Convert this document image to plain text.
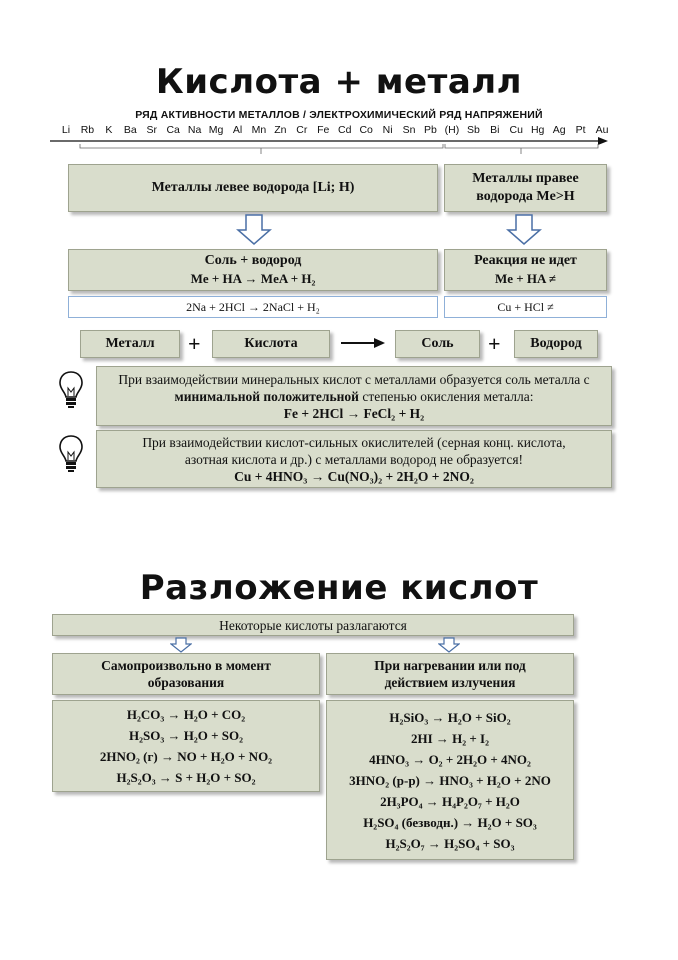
Кислота + металл
РЯД АКТИВНОСТИ МЕТАЛЛОВ / ЭЛЕКТРОХИМИЧЕСКИЙ РЯД НАПРЯЖЕНИЙ
Li Rb K Ba Sr Ca Na Mg Al Mn Zn Cr Fe Cd Co Ni Sn Pb (H) Sb Bi Cu Hg Ag Pt Au
Металлы левее водорода [Li; H)
Металлы правее водорода Me>H
Соль + водород
Me + HA → MeA + H₂
Реакция не идет
Me + HA ≠
2Na + 2HCl → 2NaCl + H₂	Cu + HCl ≠
Металл +	Кислота	Соль + Водород
При взаимодействии минеральных кислот с металлами образуется соль металла с минимальной положительной степенью окисления металла:
Fe + 2HCl → FeCl₂ + H₂
При взаимодействии кислот-сильных окислителей (серная конц. кислота, азотная кислота и др.) с металлами водород не образуется!
Cu + 4HNO₃ → Cu(NO₃)₂ + 2H₂O + 2NO₂
Разложение кислот
Некоторые кислоты разлагаются
Самопроизвольно в момент образования
При нагревании или под действием излучения
H₂CO₃ → H₂O + CO₂
H₂SO₃ → H₂O + SO₂
2HNO₂ (г) → NO + H₂O + NO₂
H₂S₂O₃ → S + H₂O + SO₂
H₂SiO₃ → H₂O + SiO₂
2HI → H₂ + I₂
4HNO₃ → O₂ + 2H₂O + 4NO₂
3HNO₂ (р-р) → HNO₃ + H₂O + 2NO
2H₃PO₄ → H₄P₂O₇ + H₂O
H₂SO₄ (безводн.) → H₂O + SO₃
H₂S₂O₇ → H₂SO₄ + SO₃
